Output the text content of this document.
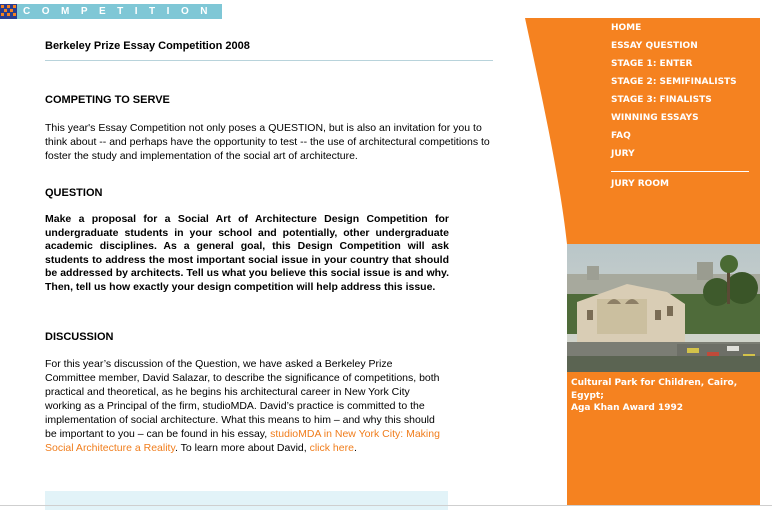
COMPETITION
Berkeley Prize Essay Competition 2008
COMPETING TO SERVE
This year's Essay Competition not only poses a QUESTION, but is also an invitation for you to think about -- and perhaps have the opportunity to test -- the use of architectural competitions to foster the study and implementation of the social art of architecture.
QUESTION
Make a proposal for a Social Art of Architecture Design Competition for undergraduate students in your school and potentially, other undergraduate academic disciplines. As a general goal, this Design Competition will ask students to address the most important social issue in your country that should be addressed by architects. Tell us what you believe this social issue is and why. Then, tell us how exactly your design competition will help address this issue.
DISCUSSION
For this year’s discussion of the Question, we have asked a Berkeley Prize Committee member, David Salazar, to describe the significance of competitions, both practical and theoretical, as he begins his architectural career in New York City working as a Principal of the firm, studioMDA. David’s practice is committed to the implementation of social architecture. What this means to him – and why this should be important to you – can be found in his essay, studioMDA in New York City: Making Social Architecture a Reality. To learn more about David, click here.
HOME
ESSAY QUESTION
STAGE 1: ENTER
STAGE 2: SEMIFINALISTS
STAGE 3: FINALISTS
WINNING ESSAYS
FAQ
JURY
JURY ROOM
Cultural Park for Children, Cairo, Egypt;
Aga Khan Award 1992
